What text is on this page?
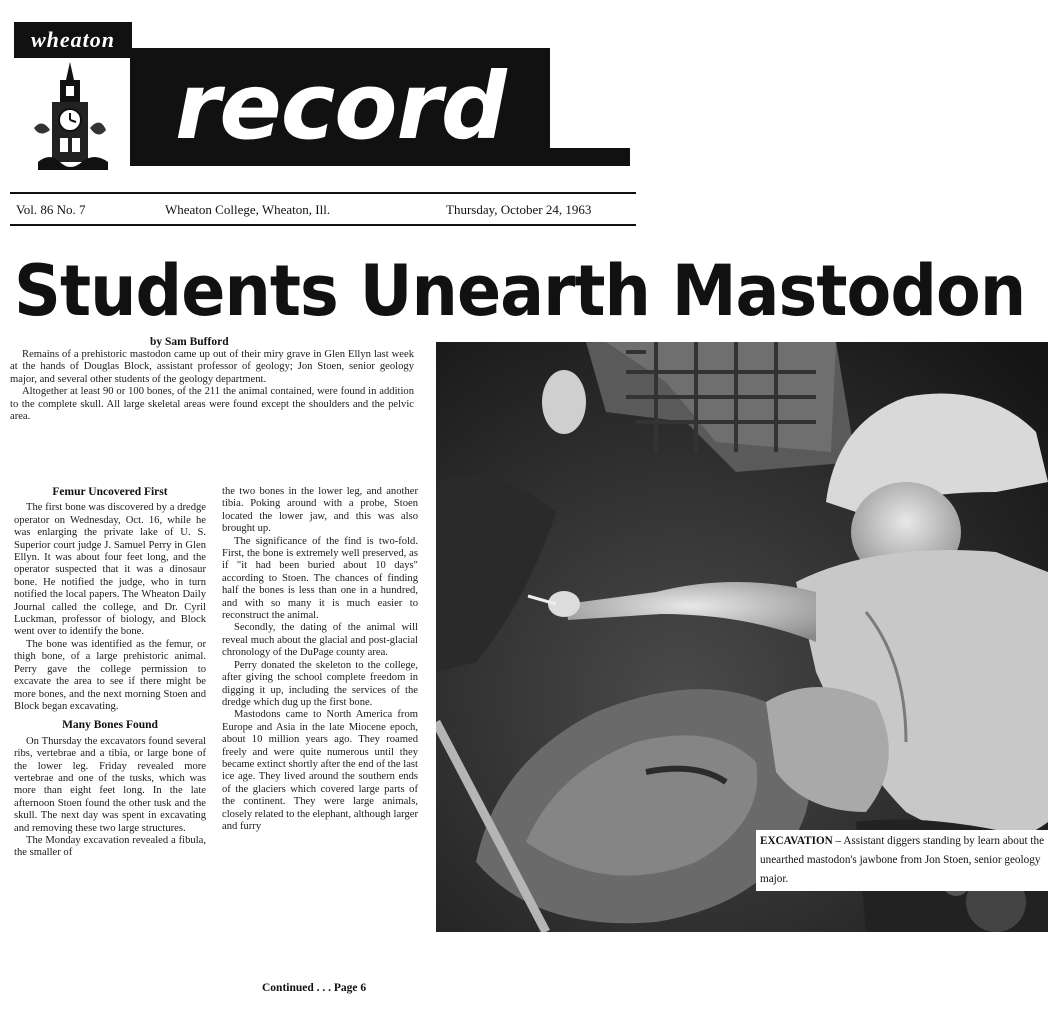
wheaton
record
Vol. 86 No. 7	Wheaton College, Wheaton, Ill.	Thursday, October 24, 1963
Students Unearth Mastodon
by Sam Bufford

Remains of a prehistoric mastodon came up out of their miry grave in Glen Ellyn last week at the hands of Douglas Block, assistant professor of geology; Jon Stoen, senior geology major, and several other students of the geology department.

Altogether at least 90 or 100 bones, of the 211 the animal contained, were found in addition to the complete skull. All large skeletal areas were found except the shoulders and the pelvic area.

Femur Uncovered First

The first bone was discovered by a dredge operator on Wednesday, Oct. 16, while he was enlarging the private lake of U. S. Superior court judge J. Samuel Perry in Glen Ellyn. It was about four feet long, and the operator suspected that it was a dinosaur bone. He notified the judge, who in turn notified the local papers. The Wheaton Daily Journal called the college, and Dr. Cyril Luckman, professor of biology, and Block went over to identify the bone.

The bone was identified as the femur, or thigh bone, of a large prehistoric animal. Perry gave the college permission to excavate the area to see if there might be more bones, and the next morning Stoen and Block began excavating.

Many Bones Found

On Thursday the excavators found several ribs, vertebrae and a tibia, or large bone of the lower leg. Friday revealed more vertebrae and one of the tusks, which was more than eight feet long. In the late afternoon Stoen found the other tusk and the skull. The next day was spent in excavating and removing these two large structures.

The Monday excavation revealed a fibula, the smaller of

the two bones in the lower leg, and another tibia. Poking around with a probe, Stoen located the lower jaw, and this was also brought up.

The significance of the find is two-fold. First, the bone is extremely well preserved, as if "it had been buried about 10 days" according to Stoen. The chances of finding half the bones is less than one in a hundred, and with so many it is much easier to reconstruct the animal.

Secondly, the dating of the animal will reveal much about the glacial and post-glacial chronology of the DuPage county area.

Perry donated the skeleton to the college, after giving the school complete freedom in digging it up, including the services of the dredge which dug up the first bone.

Mastodons came to North America from Europe and Asia in the late Miocene epoch, about 10 million years ago. They roamed freely and were quite numerous until they became extinct shortly after the end of the last ice age. They lived around the southern ends of the glaciers which covered large parts of the continent. They were large animals, closely related to the elephant, although larger and furry

Continued . . . Page 6
EXCAVATION – Assistant diggers standing by learn about the unearthed mastodon's jawbone from Jon Stoen, senior geology major.
